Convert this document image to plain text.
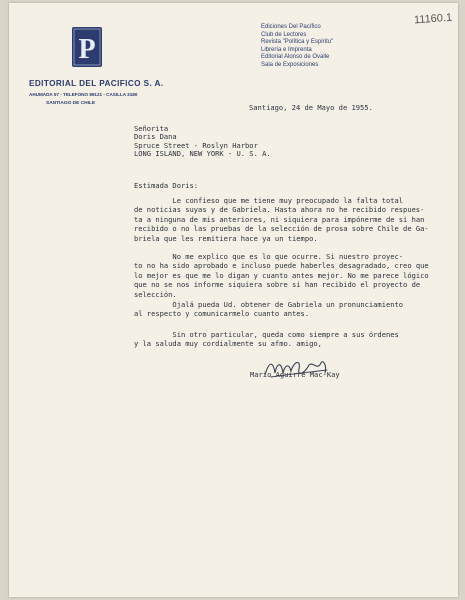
P
EDITORIAL DEL PACIFICO S. A.
AHUMADA 57 - TELEFONO 89121 - CASILLA 3180
SANTIAGO DE CHILE
Ediciones Del Pacífico
Club de Lectores
Revista "Política y Espíritu"
Librería e Imprenta
Editorial Alonso de Ovalle
Sala de Exposiciones
11160.1
Santiago, 24 de Mayo de 1955.
Señorita
Doris Dana
Spruce Street - Roslyn Harbor
LONG ISLAND, NEW YORK - U. S. A.
Estimada Doris:

Le confieso que me tiene muy preocupado la falta total

de noticias suyas y de Gabriela. Hasta ahora no he recibido respues-

ta a ninguna de mis anteriores, ni siquiera para impónerme de si han

recibido o no las pruebas de la selección de prosa sobre Chile de Ga-

briela que les remitiera hace ya un tiempo.

No me explico que es lo que ocurre. Si nuestro proyec-

to no ha sido aprobado e incluso puede haberles desagradado, creo que

lo mejor es que me lo digan y cuanto antes mejor. No me parece lógico

que no se nos informe siquiera sobre si han recibido el proyecto de

selección.

Ojalá pueda Ud. obtener de Gabriela un pronunciamiento

al respecto y comunicarmelo cuanto antes.

Sin otro particular, queda como siempre a sus órdenes

y la saluda muy cordialmente su afmo. amigo,

Mario Aguirre Mac-Kay
